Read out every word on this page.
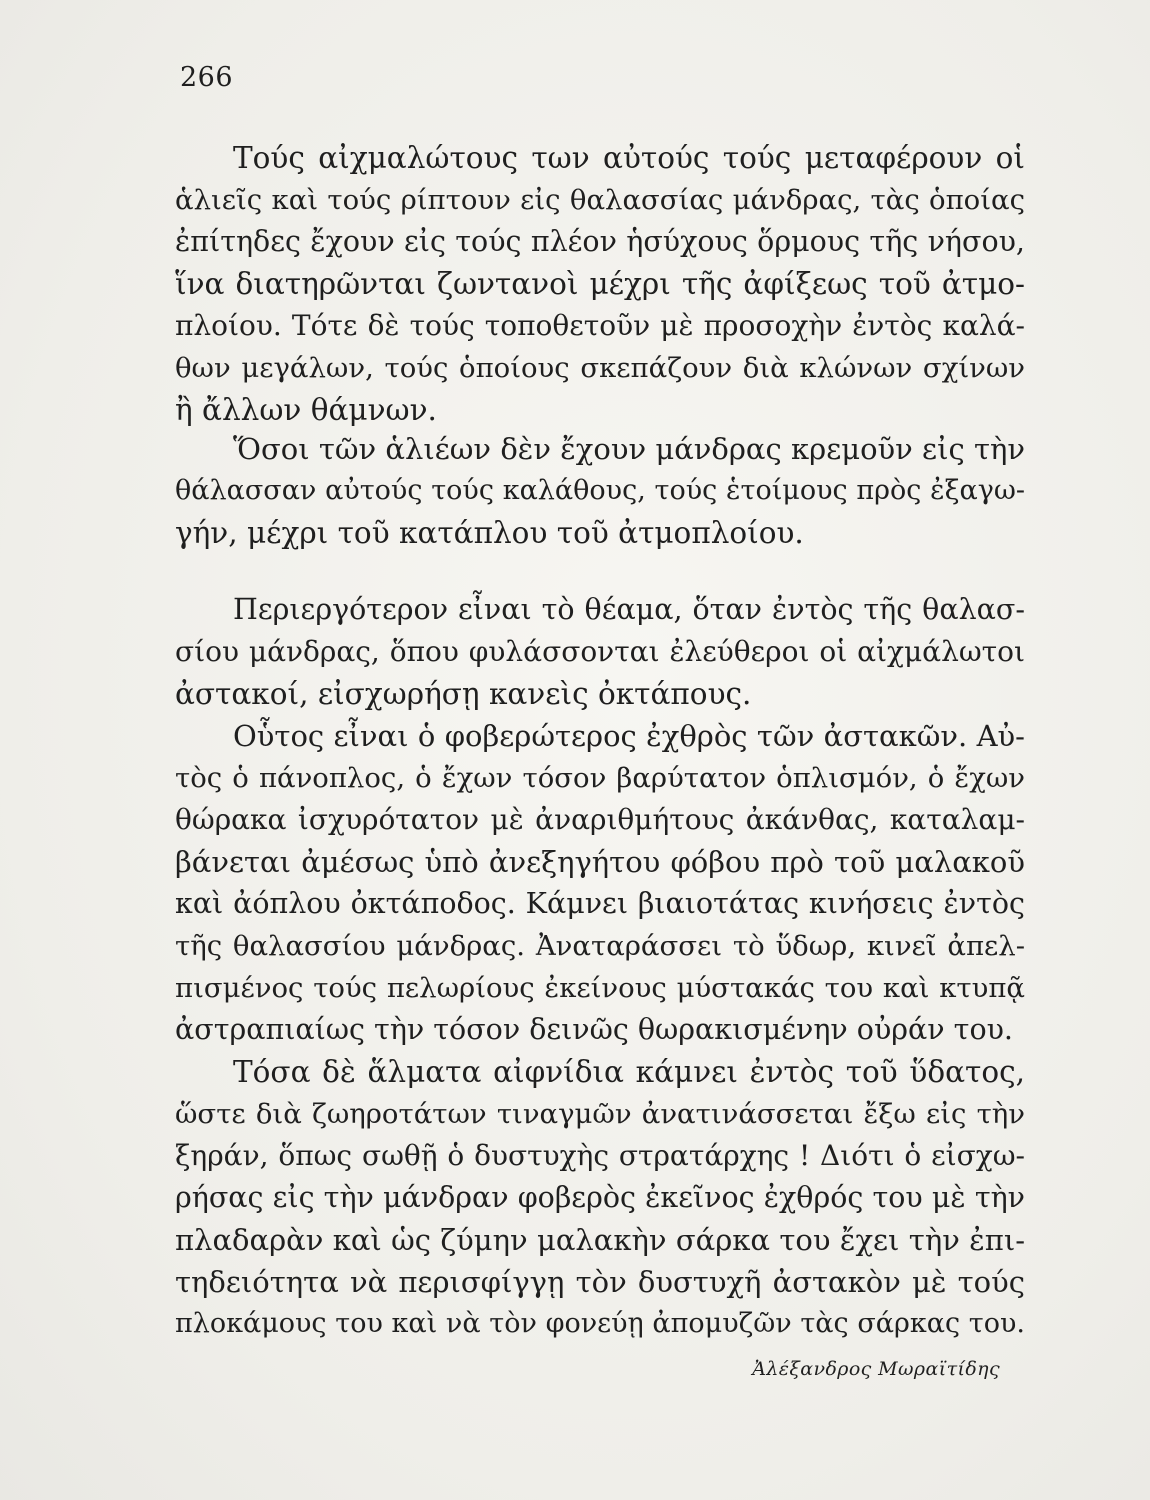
266
Τούς αἰχμαλώτους των αὐτούς τούς μεταφέρουν οἱ
ἁλιεῖς καὶ τούς ρίπτουν εἰς θαλασσίας μάνδρας, τὰς ὁποίας
ἐπίτηδες ἔχουν εἰς τούς πλέον ἡσύχους ὅρμους τῆς νήσου,
ἵνα διατηρῶνται ζωντανοὶ μέχρι τῆς ἀφίξεως τοῦ ἀτμο-
πλοίου. Τότε δὲ τούς τοποθετοῦν μὲ προσοχὴν ἐντὸς καλά-
θων μεγάλων, τούς ὁποίους σκεπάζουν διὰ κλώνων σχίνων
ἢ ἄλλων θάμνων.
Ὅσοι τῶν ἁλιέων δὲν ἔχουν μάνδρας κρεμοῦν εἰς τὴν
θάλασσαν αὐτούς τούς καλάθους, τούς ἑτοίμους πρὸς ἐξαγω-
γήν, μέχρι τοῦ κατάπλου τοῦ ἀτμοπλοίου.
Περιεργότερον εἶναι τὸ θέαμα, ὅταν ἐντὸς τῆς θαλασ-
σίου μάνδρας, ὅπου φυλάσσονται ἐλεύθεροι οἱ αἰχμάλωτοι
ἀστακοί, εἰσχωρήσῃ κανεὶς ὀκτάπους.
Οὗτος εἶναι ὁ φοβερώτερος ἐχθρὸς τῶν ἀστακῶν. Αὐ-
τὸς ὁ πάνοπλος, ὁ ἔχων τόσον βαρύτατον ὁπλισμόν, ὁ ἔχων
θώρακα ἰσχυρότατον μὲ ἀναριθμήτους ἀκάνθας, καταλαμ-
βάνεται ἀμέσως ὑπὸ ἀνεξηγήτου φόβου πρὸ τοῦ μαλακοῦ
καὶ ἀόπλου ὀκτάποδος. Κάμνει βιαιοτάτας κινήσεις ἐντὸς
τῆς θαλασσίου μάνδρας. Ἀναταράσσει τὸ ὕδωρ, κινεῖ ἀπελ-
πισμένος τούς πελωρίους ἐκείνους μύστακάς του καὶ κτυπᾷ
ἀστραπιαίως τὴν τόσον δεινῶς θωρακισμένην οὐράν του.
Τόσα δὲ ἅλματα αἰφνίδια κάμνει ἐντὸς τοῦ ὕδατος,
ὥστε διὰ ζωηροτάτων τιναγμῶν ἀνατινάσσεται ἔξω εἰς τὴν
ξηράν, ὅπως σωθῇ ὁ δυστυχὴς στρατάρχης ! Διότι ὁ εἰσχω-
ρήσας εἰς τὴν μάνδραν φοβερὸς ἐκεῖνος ἐχθρός του μὲ τὴν
πλαδαρὰν καὶ ὡς ζύμην μαλακὴν σάρκα του ἔχει τὴν ἐπι-
τηδειότητα νὰ περισφίγγῃ τὸν δυστυχῆ ἀστακὸν μὲ τούς
πλοκάμους του καὶ νὰ τὸν φονεύῃ ἀπομυζῶν τὰς σάρκας του.
Ἀλέξανδρος Μωραϊτίδης
